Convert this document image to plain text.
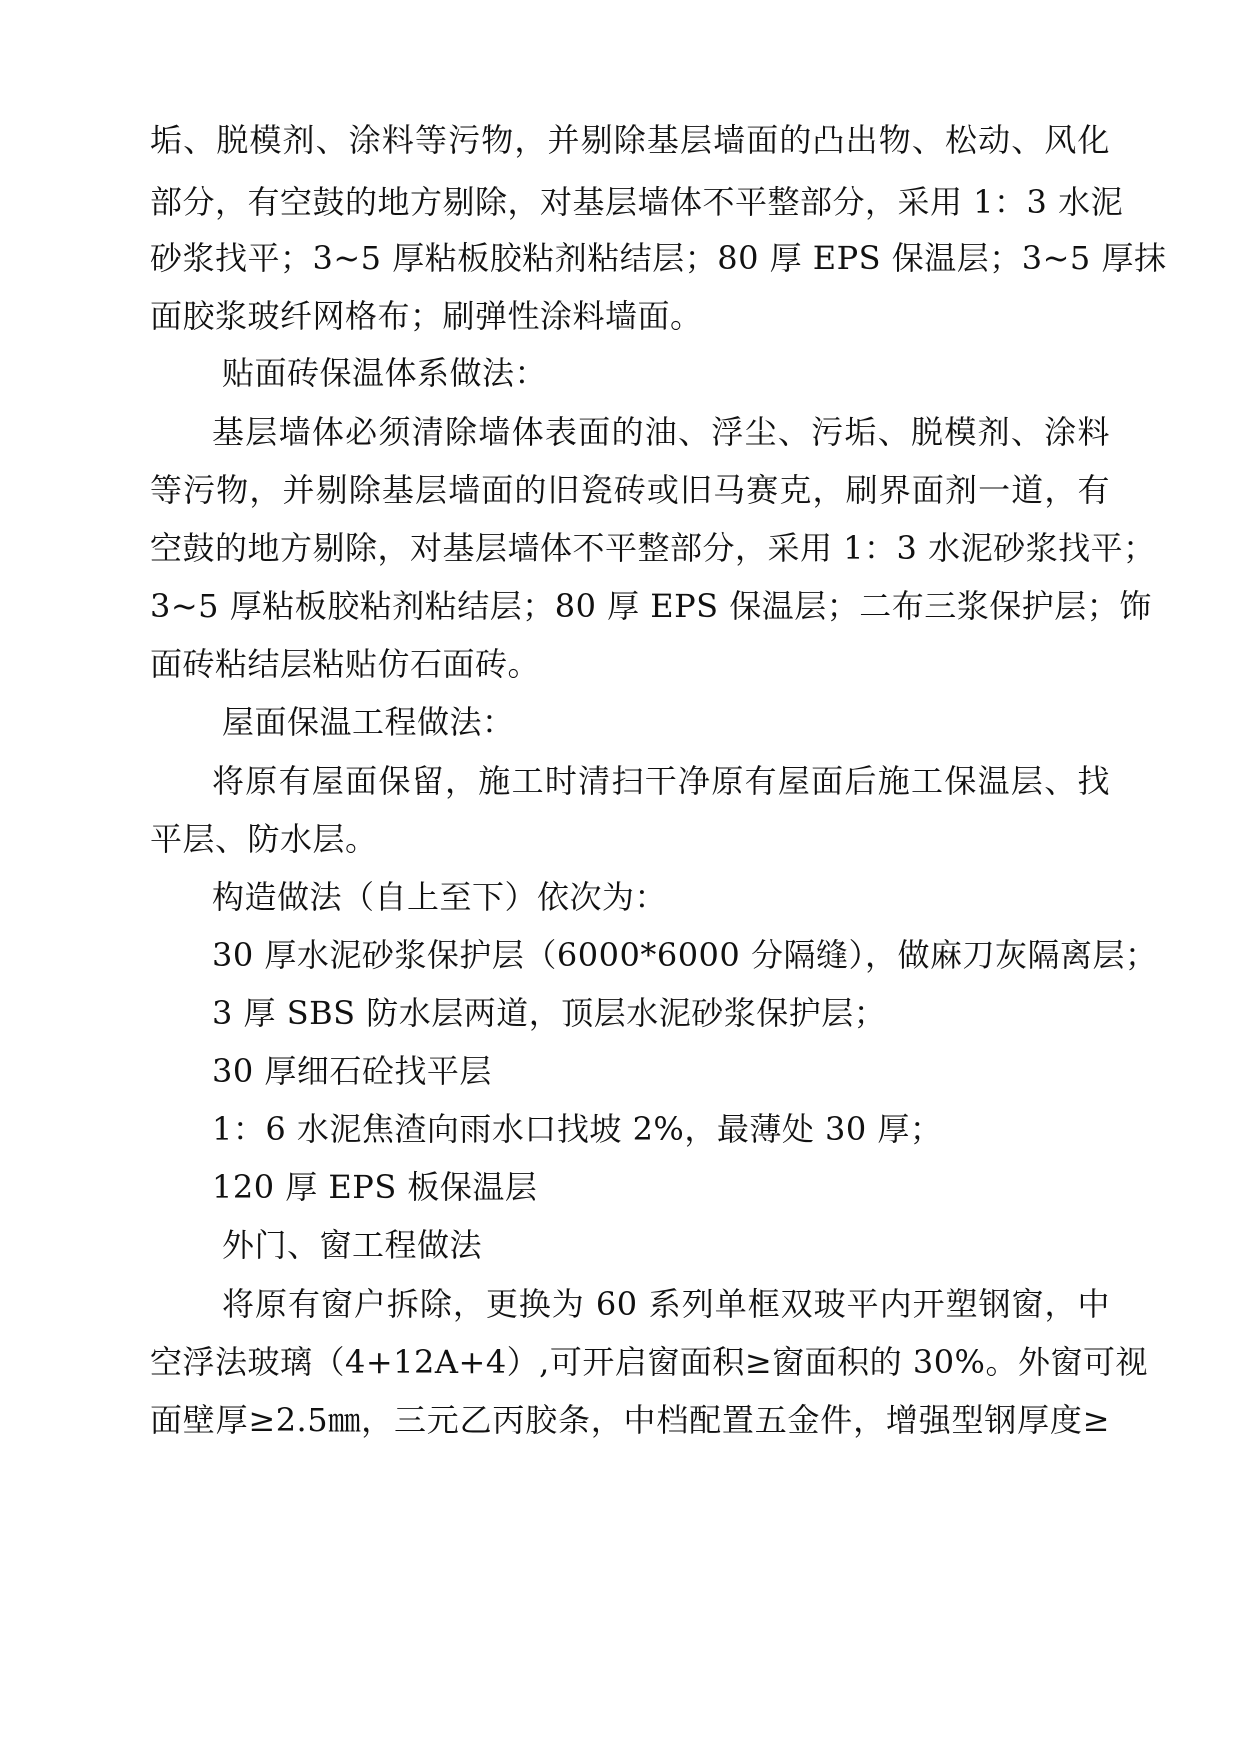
垢、脱模剂、涂料等污物，并剔除基层墙面的凸出物、松动、风化
部分，有空鼓的地方剔除，对基层墙体不平整部分，采用 1：3 水泥
砂浆找平；3~5 厚粘板胶粘剂粘结层；80 厚 EPS 保温层；3~5 厚抹
面胶浆玻纤网格布；刷弹性涂料墙面。
贴面砖保温体系做法：
基层墙体必须清除墙体表面的油、浮尘、污垢、脱模剂、涂料
等污物，并剔除基层墙面的旧瓷砖或旧马赛克，刷界面剂一道，有
空鼓的地方剔除，对基层墙体不平整部分，采用 1：3 水泥砂浆找平；
3~5 厚粘板胶粘剂粘结层；80 厚 EPS 保温层；二布三浆保护层；饰
面砖粘结层粘贴仿石面砖。
屋面保温工程做法：
将原有屋面保留，施工时清扫干净原有屋面后施工保温层、找
平层、防水层。
构造做法（自上至下）依次为：
30 厚水泥砂浆保护层（6000*6000 分隔缝），做麻刀灰隔离层；
3 厚 SBS 防水层两道，顶层水泥砂浆保护层；
30 厚细石砼找平层
1：6 水泥焦渣向雨水口找坡 2%，最薄处 30 厚；
120 厚 EPS 板保温层
外门、窗工程做法
将原有窗户拆除，更换为 60 系列单框双玻平内开塑钢窗，中
空浮法玻璃（4+12A+4）,可开启窗面积≥窗面积的 30%。外窗可视
面壁厚≥2.5㎜，三元乙丙胶条，中档配置五金件，增强型钢厚度≥
